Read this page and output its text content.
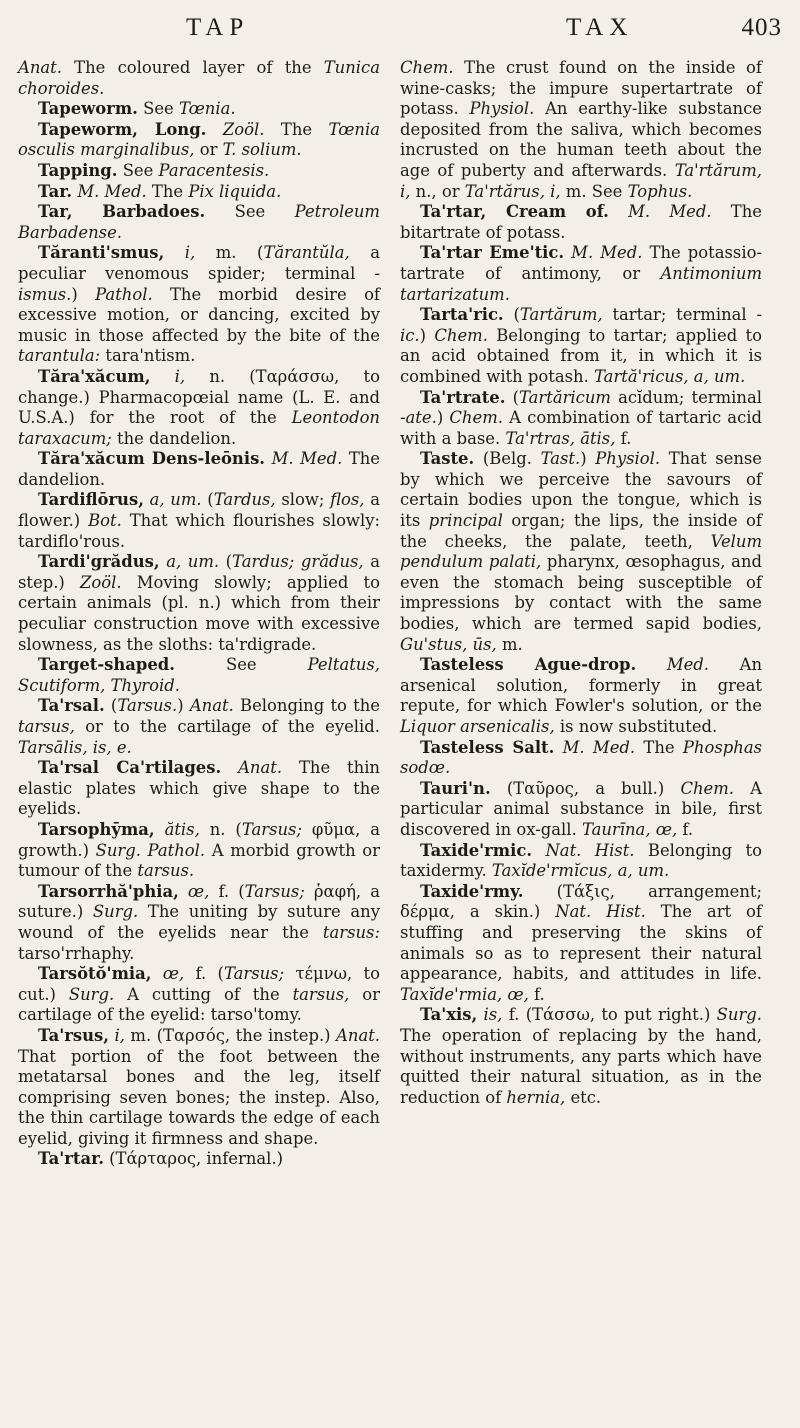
TAP	TAX	403

Anat. The coloured layer of the Tunica choroides.

Tapeworm. See Tœnia.

Tapeworm, Long. Zoöl. The Tœnia osculis marginalibus, or T. solium.

Tapping. See Paracentesis.

Tar. M. Med. The Pix liquida.

Tar, Barbadoes. See Petroleum Barbadense.

Tăranti'smus, i, m. (Tărantŭla, a peculiar venomous spider; terminal -ismus.) Pathol. The morbid desire of excessive motion, or dancing, excited by music in those affected by the bite of the tarantula: tara'ntism.

Tăra'xăcum, i, n. (Ταράσσω, to change.) Pharmacopœial name (L. E. and U.S.A.) for the root of the Leontodon taraxacum; the dandelion.

Tăra'xăcum Dens-leōnis. M. Med. The dandelion.

Tardiflōrus, a, um. (Tardus, slow; flos, a flower.) Bot. That which flourishes slowly: tardiflo'rous.

Tardi'grădus, a, um. (Tardus; grădus, a step.) Zoöl. Moving slowly; applied to certain animals (pl. n.) which from their peculiar construction move with excessive slowness, as the sloths: ta'rdigrade.

Target-shaped. See Peltatus, Scutiform, Thyroid.

Ta'rsal. (Tarsus.) Anat. Belonging to the tarsus, or to the cartilage of the eyelid. Tarsālis, is, e.

Ta'rsal Ca'rtilages. Anat. The thin elastic plates which give shape to the eyelids.

Tarsophȳma, ătis, n. (Tarsus; φῦμα, a growth.) Surg. Pathol. A morbid growth or tumour of the tarsus.

Tarsorrhă'phia, œ, f. (Tarsus; ῥαφή, a suture.) Surg. The uniting by suture any wound of the eyelids near the tarsus: tarso'rrhaphy.

Tarsŏtŏ'mia, œ, f. (Tarsus; τέμνω, to cut.) Surg. A cutting of the tarsus, or cartilage of the eyelid: tarso'tomy.

Ta'rsus, i, m. (Ταρσός, the instep.) Anat. That portion of the foot between the metatarsal bones and the leg, itself comprising seven bones; the instep. Also, the thin cartilage towards the edge of each eyelid, giving it firmness and shape.

Ta'rtar. (Τάρταρος, infernal.)

Chem. The crust found on the inside of wine-casks; the impure supertartrate of potass. Physiol. An earthy-like substance deposited from the saliva, which becomes incrusted on the human teeth about the age of puberty and afterwards. Ta'rtărum, i, n., or Ta'rtărus, i, m. See Tophus.

Ta'rtar, Cream of. M. Med. The bitartrate of potass.

Ta'rtar Eme'tic. M. Med. The potassio-tartrate of antimony, or Antimonium tartarizatum.

Tarta'ric. (Tartărum, tartar; terminal -ic.) Chem. Belonging to tartar; applied to an acid obtained from it, in which it is combined with potash. Tartă'ricus, a, um.

Ta'rtrate. (Tartăricum acĭdum; terminal -ate.) Chem. A combination of tartaric acid with a base. Ta'rtras, ātis, f.

Taste. (Belg. Tast.) Physiol. That sense by which we perceive the savours of certain bodies upon the tongue, which is its principal organ; the lips, the inside of the cheeks, the palate, teeth, Velum pendulum palati, pharynx, œsophagus, and even the stomach being susceptible of impressions by contact with the same bodies, which are termed sapid bodies, Gu'stus, ūs, m.

Tasteless Ague-drop. Med. An arsenical solution, formerly in great repute, for which Fowler's solution, or the Liquor arsenicalis, is now substituted.

Tasteless Salt. M. Med. The Phosphas sodœ.

Tauri'n. (Ταῦρος, a bull.) Chem. A particular animal substance in bile, first discovered in ox-gall. Taurīna, œ, f.

Taxide'rmic. Nat. Hist. Belonging to taxidermy. Taxĭde'rmĭcus, a, um.

Taxide'rmy. (Τάξις, arrangement; δέρμα, a skin.) Nat. Hist. The art of stuffing and preserving the skins of animals so as to represent their natural appearance, habits, and attitudes in life. Taxĭde'rmia, œ, f.

Ta'xis, is, f. (Τάσσω, to put right.) Surg. The operation of replacing by the hand, without instruments, any parts which have quitted their natural situation, as in the reduction of hernia, etc.
